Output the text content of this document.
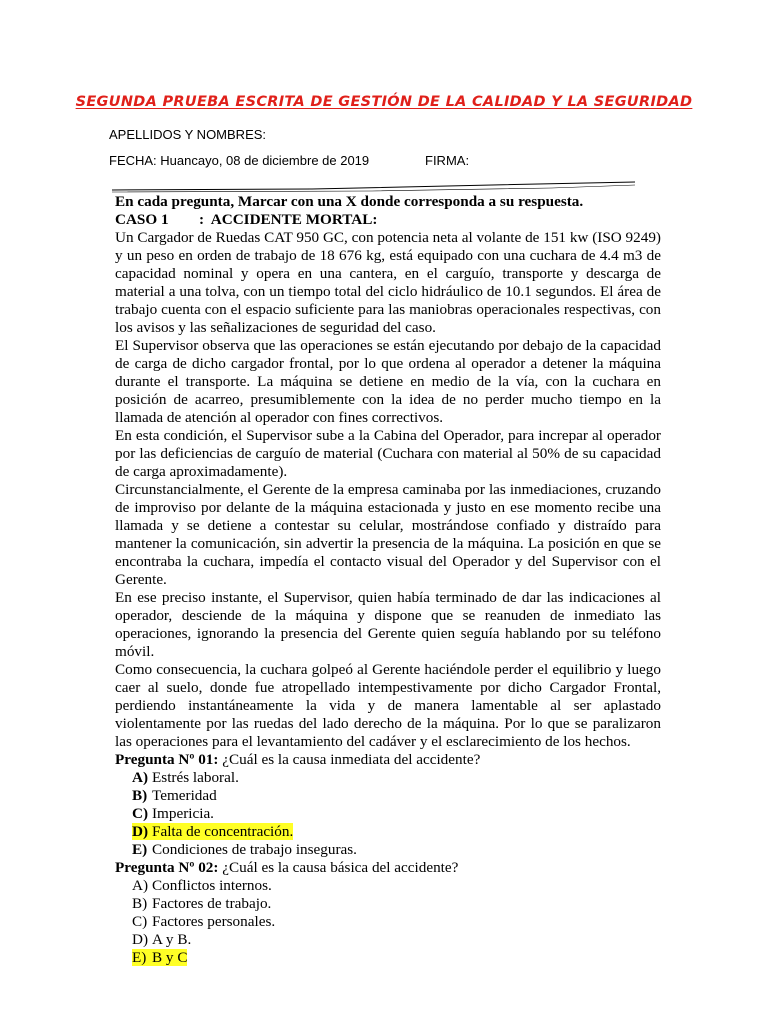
SEGUNDA PRUEBA ESCRITA DE GESTIÓN DE LA CALIDAD Y LA SEGURIDAD
APELLIDOS Y NOMBRES:
FECHA: Huancayo, 08 de diciembre de 2019	FIRMA:

En cada pregunta, Marcar con una X donde corresponda a su respuesta.

CASO 1        :  ACCIDENTE MORTAL:

Un Cargador de Ruedas CAT 950 GC, con potencia neta al volante de 151 kw (ISO 9249) y un peso en orden de trabajo de 18 676 kg, está equipado con una cuchara de 4.4 m3 de capacidad nominal y opera en una cantera, en el carguío, transporte y descarga de material a una tolva, con un tiempo total del ciclo hidráulico de 10.1 segundos. El área de trabajo cuenta con el espacio suficiente para las maniobras operacionales respectivas, con los avisos y las señalizaciones de seguridad del caso.

El Supervisor observa que las operaciones se están ejecutando por debajo de la capacidad de carga de dicho cargador frontal, por lo que ordena al operador a detener la máquina durante el transporte. La máquina se detiene en medio de la vía, con la cuchara en posición de acarreo, presumiblemente con la idea de no perder mucho tiempo en la llamada de atención al operador con fines correctivos.

En esta condición, el Supervisor sube a la Cabina del Operador, para increpar al operador por las deficiencias de carguío de material (Cuchara con material al 50% de su capacidad de carga aproximadamente).

Circunstancialmente, el Gerente de la empresa caminaba por las inmediaciones, cruzando de improviso por delante de la máquina estacionada y justo en ese momento recibe una llamada y se detiene a contestar su celular, mostrándose confiado y distraído para mantener la comunicación, sin advertir la presencia de la máquina. La posición en que se encontraba la cuchara, impedía el contacto visual del Operador y del Supervisor con el Gerente.

En ese preciso instante, el Supervisor, quien había terminado de dar las indicaciones al operador, desciende de la máquina y dispone que se reanuden de inmediato las operaciones, ignorando la presencia del Gerente quien seguía hablando por su teléfono móvil.

Como consecuencia, la cuchara golpeó al Gerente haciéndole perder el equilibrio y luego caer al suelo, donde fue atropellado intempestivamente por dicho Cargador Frontal, perdiendo instantáneamente la vida y de manera lamentable al ser aplastado violentamente por las ruedas del lado derecho de la máquina. Por lo que se paralizaron las operaciones para el levantamiento del cadáver y el esclarecimiento de los hechos.

Pregunta Nº 01: ¿Cuál es la causa inmediata del accidente?

A) Estrés laboral.
B) Temeridad
C) Impericia.
D) Falta de concentración.
E) Condiciones de trabajo inseguras.

Pregunta Nº 02: ¿Cuál es la causa básica del accidente?

A) Conflictos internos.
B) Factores de trabajo.
C) Factores personales.
D) A y B.
E) B y C
